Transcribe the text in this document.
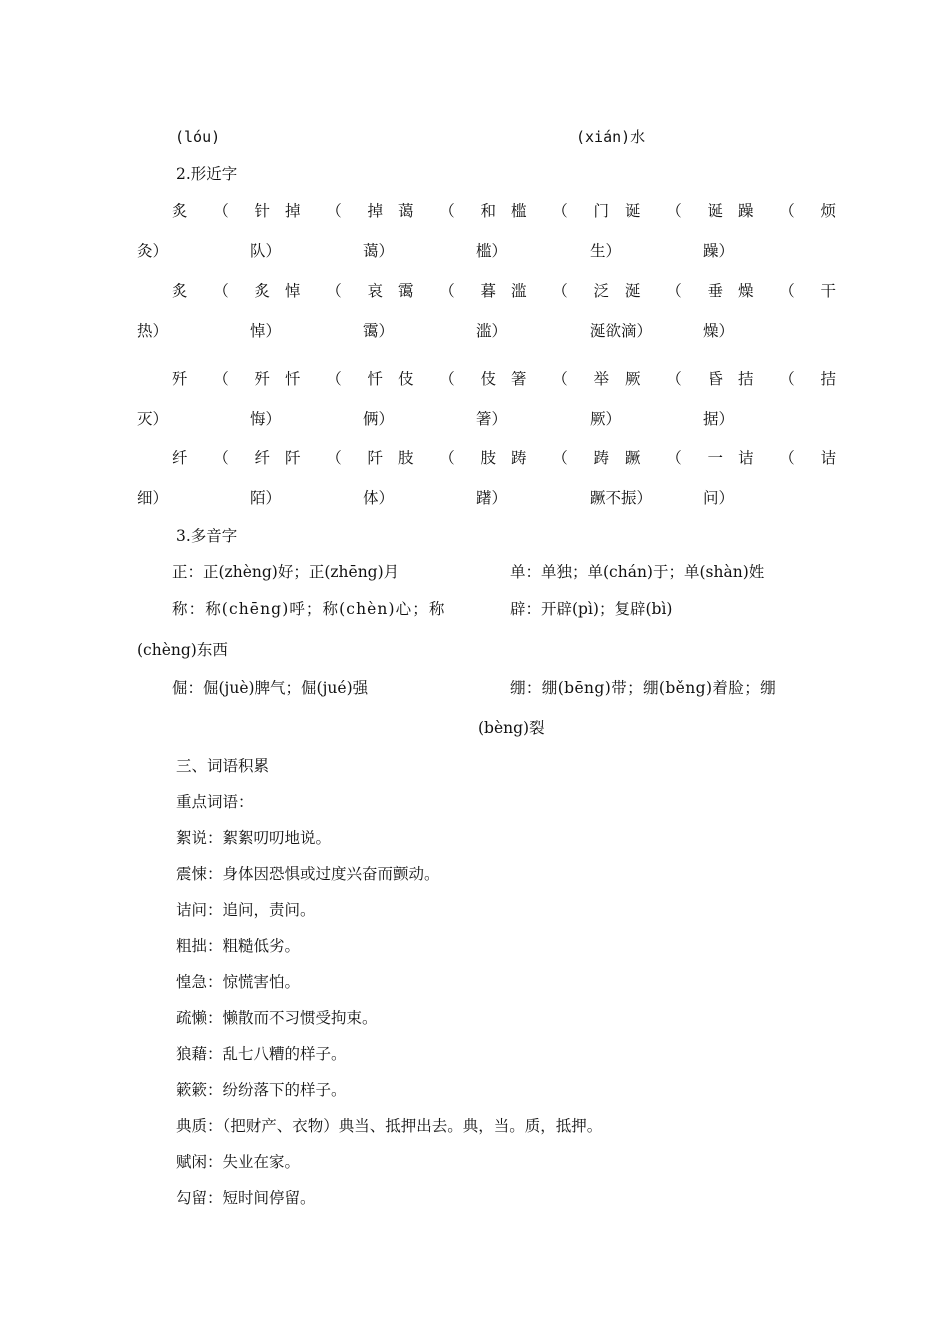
(lóu)	(xián)水
2.形近字
炙 （ 针 掉 （ 掉 蔼 （ 和 槛 （ 门 诞 （ 诞 躁 （ 烦
灸）	队）	蔼）	槛）	生）	躁）
炙 （ 炙 悼 （ 哀 霭 （ 暮 滥 （ 泛 涎 （ 垂 燥 （ 干
热）	悼）	霭）	滥）	涎欲滴）	燥）
歼 （ 歼 忏 （ 忏 伎 （ 伎 箸 （ 举 厥 （ 昏 拮 （ 拮
灭）	悔）	俩）	箸）	厥）	据）
纤 （ 纤 阡 （ 阡 肢 （ 肢 踌 （ 踌 蹶 （ 一 诘 （ 诘
细）	陌）	体）	躇）	蹶不振）	问）
3.多音字
正：正(zhèng)好；正(zhēng)月	单：单独；单(chán)于；单(shàn)姓
称：称(chēng)呼；称(chèn)心；称	辟：开辟(pì)；复辟(bì)
(chèng)东西
倔：倔(juè)脾气；倔(jué)强	绷：绷(bēng)带；绷(běng)着脸；绷
(bèng)裂
三、词语积累
重点词语：
絮说：絮絮叨叨地说。
震悚：身体因恐惧或过度兴奋而颤动。
诘问：追问，责问。
粗拙：粗糙低劣。
惶急：惊慌害怕。
疏懒：懒散而不习惯受拘束。
狼藉：乱七八糟的样子。
簌簌：纷纷落下的样子。
典质：（把财产、衣物）典当、抵押出去。典，当。质，抵押。
赋闲：失业在家。
勾留：短时间停留。
